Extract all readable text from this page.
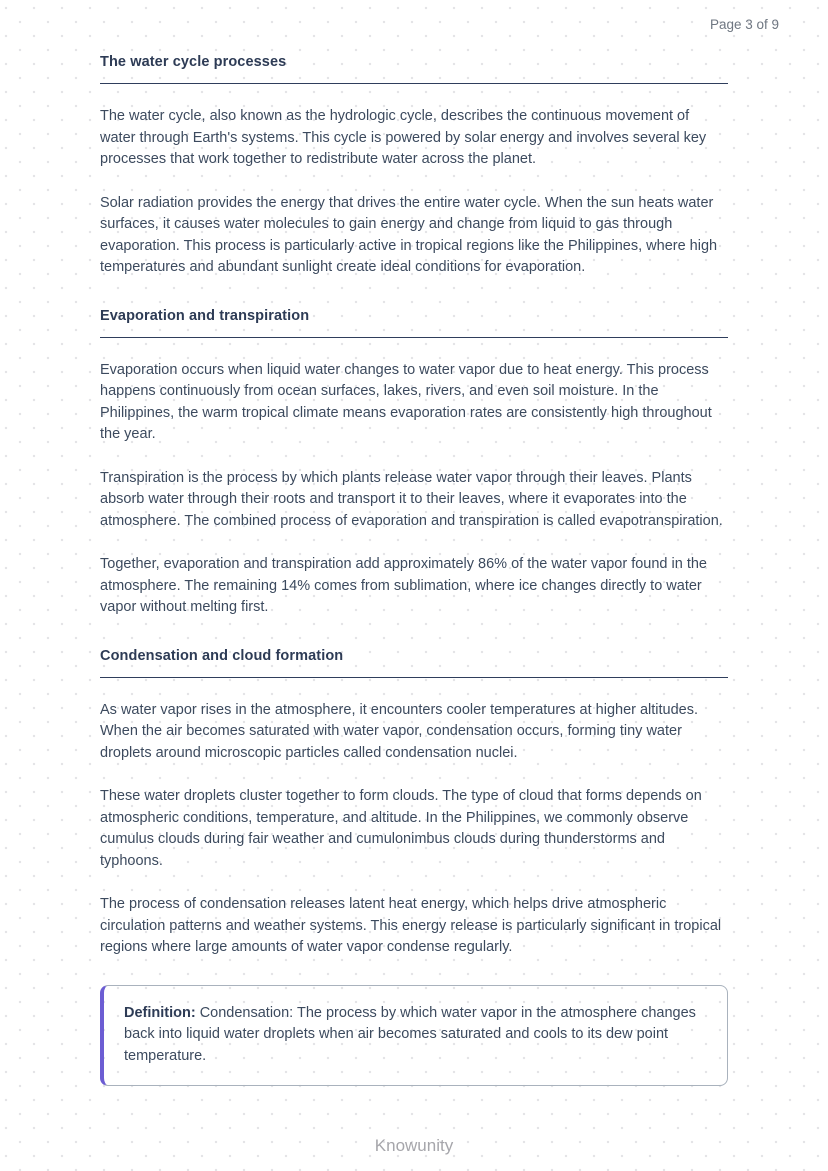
Page 3 of 9
The water cycle processes

The water cycle, also known as the hydrologic cycle, describes the continuous movement of water through Earth's systems. This cycle is powered by solar energy and involves several key processes that work together to redistribute water across the planet.

Solar radiation provides the energy that drives the entire water cycle. When the sun heats water surfaces, it causes water molecules to gain energy and change from liquid to gas through evaporation. This process is particularly active in tropical regions like the Philippines, where high temperatures and abundant sunlight create ideal conditions for evaporation.

Evaporation and transpiration

Evaporation occurs when liquid water changes to water vapor due to heat energy. This process happens continuously from ocean surfaces, lakes, rivers, and even soil moisture. In the Philippines, the warm tropical climate means evaporation rates are consistently high throughout the year.

Transpiration is the process by which plants release water vapor through their leaves. Plants absorb water through their roots and transport it to their leaves, where it evaporates into the atmosphere. The combined process of evaporation and transpiration is called evapotranspiration.

Together, evaporation and transpiration add approximately 86% of the water vapor found in the atmosphere. The remaining 14% comes from sublimation, where ice changes directly to water vapor without melting first.

Condensation and cloud formation

As water vapor rises in the atmosphere, it encounters cooler temperatures at higher altitudes. When the air becomes saturated with water vapor, condensation occurs, forming tiny water droplets around microscopic particles called condensation nuclei.

These water droplets cluster together to form clouds. The type of cloud that forms depends on atmospheric conditions, temperature, and altitude. In the Philippines, we commonly observe cumulus clouds during fair weather and cumulonimbus clouds during thunderstorms and typhoons.

The process of condensation releases latent heat energy, which helps drive atmospheric circulation patterns and weather systems. This energy release is particularly significant in tropical regions where large amounts of water vapor condense regularly.

Definition: Condensation: The process by which water vapor in the atmosphere changes back into liquid water droplets when air becomes saturated and cools to its dew point temperature.

Knowunity
